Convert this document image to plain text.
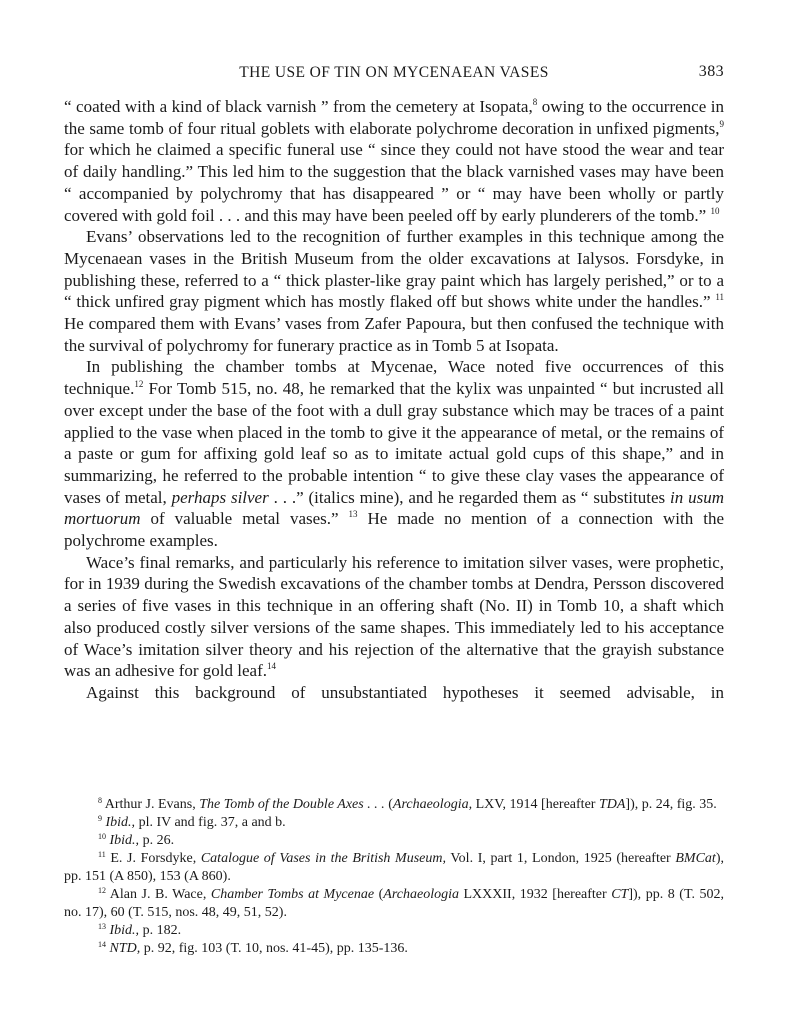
THE USE OF TIN ON MYCENAEAN VASES	383

“ coated with a kind of black varnish ” from the cemetery at Isopata,$^8$ owing to the occurrence in the same tomb of four ritual goblets with elaborate polychrome decoration in unfixed pigments,$^9$ for which he claimed a specific funeral use “ since they could not have stood the wear and tear of daily handling.” This led him to the suggestion that the black varnished vases may have been “ accompanied by polychromy that has disappeared ” or “ may have been wholly or partly covered with gold foil . . . and this may have been peeled off by early plunderers of the tomb.” $^{10}$

Evans’ observations led to the recognition of further examples in this technique among the Mycenaean vases in the British Museum from the older excavations at Ialysos. Forsdyke, in publishing these, referred to a “ thick plaster-like gray paint which has largely perished,” or to a “ thick unfired gray pigment which has mostly flaked off but shows white under the handles.” $^{11}$ He compared them with Evans’ vases from Zafer Papoura, but then confused the technique with the survival of polychromy for funerary practice as in Tomb 5 at Isopata.

In publishing the chamber tombs at Mycenae, Wace noted five occurrences of this technique.$^{12}$ For Tomb 515, no. 48, he remarked that the kylix was unpainted “ but incrusted all over except under the base of the foot with a dull gray substance which may be traces of a paint applied to the vase when placed in the tomb to give it the appearance of metal, or the remains of a paste or gum for affixing gold leaf so as to imitate actual gold cups of this shape,” and in summarizing, he referred to the probable intention “ to give these clay vases the appearance of vases of metal, perhaps silver . . .” (italics mine), and he regarded them as “ substitutes in usum mortuorum of valuable metal vases.” $^{13}$ He made no mention of a connection with the polychrome examples.

Wace’s final remarks, and particularly his reference to imitation silver vases, were prophetic, for in 1939 during the Swedish excavations of the chamber tombs at Dendra, Persson discovered a series of five vases in this technique in an offering shaft (No. II) in Tomb 10, a shaft which also produced costly silver versions of the same shapes. This immediately led to his acceptance of Wace’s imitation silver theory and his rejection of the alternative that the grayish substance was an adhesive for gold leaf.$^{14}$

Against this background of unsubstantiated hypotheses it seemed advisable, in

$^8$ Arthur J. Evans, The Tomb of the Double Axes . . . (Archaeologia, LXV, 1914 [hereafter TDA]), p. 24, fig. 35.

$^9$ Ibid., pl. IV and fig. 37, a and b.

$^{10}$ Ibid., p. 26.

$^{11}$ E. J. Forsdyke, Catalogue of Vases in the British Museum, Vol. I, part 1, London, 1925 (hereafter BMCat), pp. 151 (A 850), 153 (A 860).

$^{12}$ Alan J. B. Wace, Chamber Tombs at Mycenae (Archaeologia LXXXII, 1932 [hereafter CT]), pp. 8 (T. 502, no. 17), 60 (T. 515, nos. 48, 49, 51, 52).

$^{13}$ Ibid., p. 182.

$^{14}$ NTD, p. 92, fig. 103 (T. 10, nos. 41-45), pp. 135-136.
